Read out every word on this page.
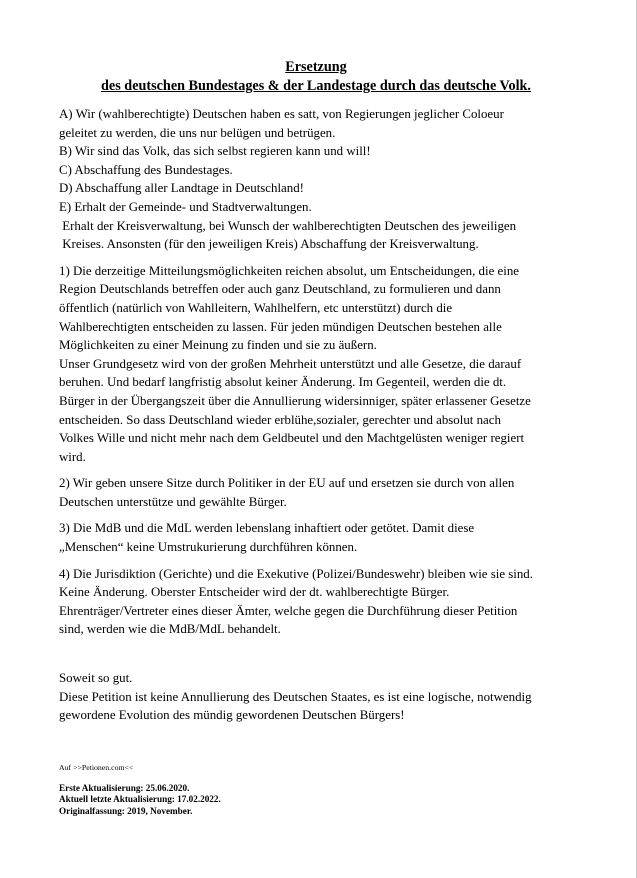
Ersetzung
des deutschen Bundestages & der Landestage durch das deutsche Volk.
A) Wir (wahlberechtigte) Deutschen haben es satt, von Regierungen jeglicher Coloeur
geleitet zu werden, die uns nur belügen und betrügen.
B) Wir sind das Volk, das sich selbst regieren kann und will!
C) Abschaffung des Bundestages.
D) Abschaffung aller Landtage in Deutschland!
E) Erhalt der Gemeinde- und Stadtverwaltungen.
Erhalt der Kreisverwaltung, bei Wunsch der wahlberechtigten Deutschen des jeweiligen
Kreises. Ansonsten (für den jeweiligen Kreis) Abschaffung der Kreisverwaltung.
1) Die derzeitige Mitteilungsmöglichkeiten reichen absolut, um Entscheidungen, die eine
Region Deutschlands betreffen oder auch ganz Deutschland, zu formulieren und dann
öffentlich (natürlich von Wahlleitern, Wahlhelfern, etc unterstützt) durch die
Wahlberechtigten entscheiden zu lassen. Für jeden mündigen Deutschen bestehen alle
Möglichkeiten zu einer Meinung zu finden und sie zu äußern.
Unser Grundgesetz wird von der großen Mehrheit unterstützt und alle Gesetze, die darauf
beruhen. Und bedarf langfristig absolut keiner Änderung. Im Gegenteil, werden die dt.
Bürger in der Übergangszeit über die Annullierung widersinniger, später erlassener Gesetze
entscheiden. So dass Deutschland wieder erblühe,sozialer, gerechter und absolut nach
Volkes Wille und nicht mehr nach dem Geldbeutel und den Machtgelüsten weniger regiert
wird.
2) Wir geben unsere Sitze durch Politiker in der EU auf und ersetzen sie durch von allen
Deutschen unterstütze und gewählte Bürger.
3) Die MdB und die MdL werden lebenslang inhaftiert oder getötet. Damit diese
„Menschen“ keine Umstrukurierung durchführen können.
4) Die Jurisdiktion (Gerichte) und die Exekutive (Polizei/Bundeswehr) bleiben wie sie sind.
Keine Änderung. Oberster Entscheider wird der dt. wahlberechtigte Bürger.
Ehrenträger/Vertreter eines dieser Ämter, welche gegen die Durchführung dieser Petition
sind, werden wie die MdB/MdL behandelt.
Soweit so gut.
Diese Petition ist keine Annullierung des Deutschen Staates, es ist eine logische, notwendig
gewordene Evolution des mündig gewordenen Deutschen Bürgers!
Auf >>Petionen.com<<
Erste Aktualisierung: 25.06.2020.
Aktuell letzte Aktualisierung: 17.02.2022.
Originalfassung: 2019, November.
